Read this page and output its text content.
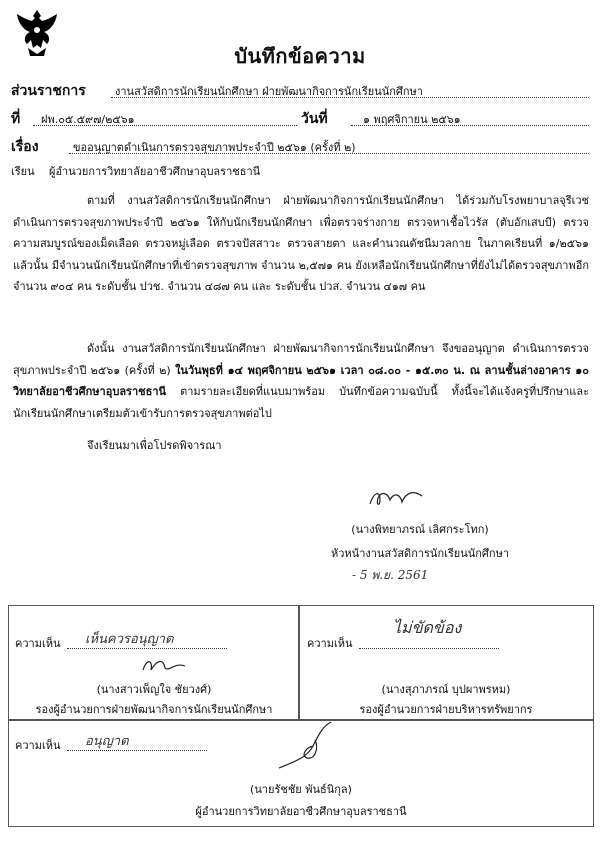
บันทึกข้อความ
ส่วนราชการ	งานสวัสดิการนักเรียนนักศึกษา ฝ่ายพัฒนากิจการนักเรียนนักศึกษา
ที่ ฝพ.๐๕.๕๙๗/๒๕๖๑	วันที่	๑ พฤศจิกายน ๒๕๖๑
เรื่อง	ขออนุญาตดำเนินการตรวจสุขภาพประจำปี ๒๕๖๑ (ครั้งที่ ๒)
เรียน ผู้อำนวยการวิทยาลัยอาชีวศึกษาอุบลราชธานี
ตามที่ งานสวัสดิการนักเรียนนักศึกษา ฝ่ายพัฒนากิจการนักเรียนนักศึกษา ได้ร่วมกับโรงพยาบาลจุรีเวช ดำเนินการตรวจสุขภาพประจำปี ๒๕๖๑ ให้กับนักเรียนนักศึกษา เพื่อตรวจร่างกาย ตรวจหาเชื้อไวรัส (ตับอักเสบบี) ตรวจความสมบูรณ์ของเม็ดเลือด ตรวจหมู่เลือด ตรวจปัสสาวะ ตรวจสายตา และคำนวณดัชนีมวลกาย ในภาคเรียนที่ ๑/๒๕๖๑ แล้วนั้น มีจำนวนนักเรียนนักศึกษาที่เข้าตรวจสุขภาพ จำนวน ๒,๕๗๑ คน ยังเหลือนักเรียนนักศึกษาที่ยังไม่ได้ตรวจสุขภาพอีกจำนวน ๙๐๔ คน ระดับชั้น ปวช. จำนวน ๔๘๗ คน และ ระดับชั้น ปวส. จำนวน ๔๑๗ คน
ดังนั้น งานสวัสดิการนักเรียนนักศึกษา ฝ่ายพัฒนากิจการนักเรียนนักศึกษา จึงขออนุญาต ดำเนินการตรวจสุขภาพประจำปี ๒๕๖๑ (ครั้งที่ ๒) ในวันพุธที่ ๑๔ พฤศจิกายน ๒๕๖๑ เวลา ๐๘.๐๐ - ๑๕.๓๐ น. ณ ลานชั้นล่างอาคาร ๑๐ วิทยาลัยอาชีวศึกษาอุบลราชธานี ตามรายละเอียดที่แนบมาพร้อม บันทึกข้อความฉบับนี้ ทั้งนี้จะได้แจ้งครูที่ปรึกษาและนักเรียนนักศึกษาเตรียมตัวเข้ารับการตรวจสุขภาพต่อไป
จึงเรียนมาเพื่อโปรดพิจารณา
(นางพิทยาภรณ์ เลิศกระโทก)
หัวหน้างานสวัสดิการนักเรียนนักศึกษา
- 5 พ.ย. 2561
ความเห็น เห็นควรอนุญาต
(นางสาวเพ็ญใจ ชัยวงศ์)
รองผู้อำนวยการฝ่ายพัฒนากิจการนักเรียนนักศึกษา
ความเห็น
ไม่ขัดข้อง
(นางสุภาภรณ์ บุปผาพรหม)
รองผู้อำนวยการฝ่ายบริหารทรัพยากร
ความเห็น อนุญาต
(นายรัชชัย พันธ์นิกุล)
ผู้อำนวยการวิทยาลัยอาชีวศึกษาอุบลราชธานี
